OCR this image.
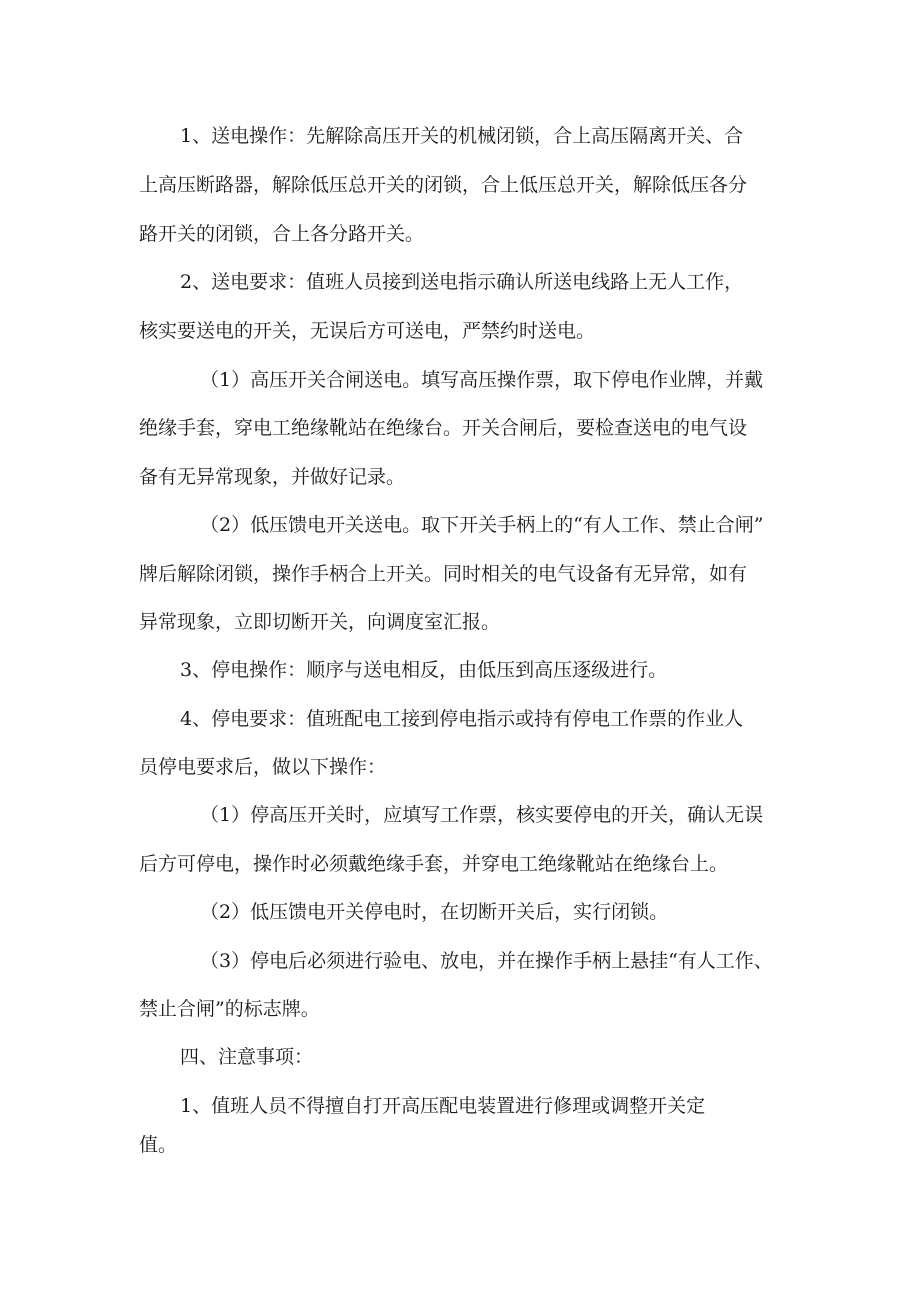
1、送电操作：先解除高压开关的机械闭锁，合上高压隔离开关、合
上高压断路器，解除低压总开关的闭锁，合上低压总开关，解除低压各分
路开关的闭锁，合上各分路开关。
2、送电要求：值班人员接到送电指示确认所送电线路上无人工作，
核实要送电的开关，无误后方可送电，严禁约时送电。
（1）高压开关合闸送电。填写高压操作票，取下停电作业牌，并戴
绝缘手套，穿电工绝缘靴站在绝缘台。开关合闸后，要检查送电的电气设
备有无异常现象，并做好记录。
（2）低压馈电开关送电。取下开关手柄上的“有人工作、禁止合闸”
牌后解除闭锁，操作手柄合上开关。同时相关的电气设备有无异常，如有
异常现象，立即切断开关，向调度室汇报。
3、停电操作：顺序与送电相反，由低压到高压逐级进行。
4、停电要求：值班配电工接到停电指示或持有停电工作票的作业人
员停电要求后，做以下操作：
（1）停高压开关时，应填写工作票，核实要停电的开关，确认无误
后方可停电，操作时必须戴绝缘手套，并穿电工绝缘靴站在绝缘台上。
（2）低压馈电开关停电时，在切断开关后，实行闭锁。
（3）停电后必须进行验电、放电，并在操作手柄上悬挂“有人工作、
禁止合闸”的标志牌。
四、注意事项：
1、值班人员不得擅自打开高压配电装置进行修理或调整开关定
值。
